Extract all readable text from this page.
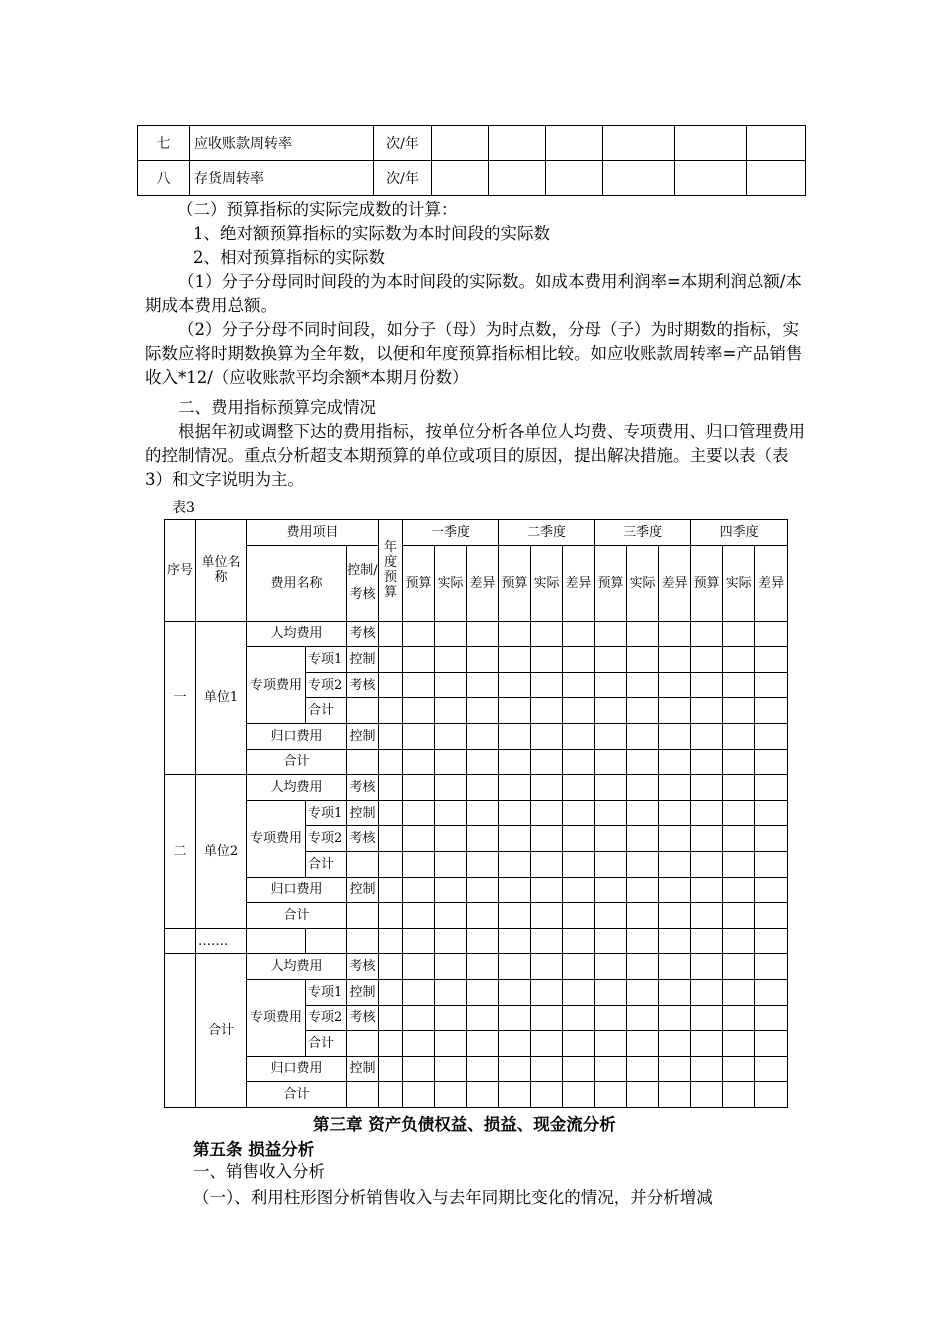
七	应收账款周转率	次/年						
八	存货周转率	次/年						

（二）预算指标的实际完成数的计算：

1、绝对额预算指标的实际数为本时间段的实际数

2、相对预算指标的实际数

（1）分子分母同时间段的为本时间段的实际数。如成本费用利润率=本期利润总额/本期成本费用总额。

（2）分子分母不同时间段，如分子（母）为时点数，分母（子）为时期数的指标，实际数应将时期数换算为全年数，以便和年度预算指标相比较。如应收账款周转率=产品销售收入*12/（应收账款平均余额*本期月份数）

二、费用指标预算完成情况

根据年初或调整下达的费用指标，按单位分析各单位人均费、专项费用、归口管理费用的控制情况。重点分析超支本期预算的单位或项目的原因，提出解决措施。主要以表（表3）和文字说明为主。

表3
序号	单位名称	费用项目			年度预算	一季度			二季度			三季度			四季度		
		费用名称		控制/考核		预算	实际	差异	预算	实际	差异	预算	实际	差异	预算	实际	差异
一	单位1	人均费用		考核													
		专项费用	专项1	控制													
			专项2	考核													
			合计														
		归口费用		控制													
		合计															
二	单位2	人均费用		考核													
		专项费用	专项1	控制													
			专项2	考核													
			合计														
		归口费用		控制													
		合计															
	…….																
	合计	人均费用		考核													
		专项费用	专项1	控制													
			专项2	考核													
			合计														
		归口费用		控制													
		合计															
第三章 资产负债权益、损益、现金流分析
第五条 损益分析

一、销售收入分析

（一）、利用柱形图分析销售收入与去年同期比变化的情况，并分析增减
